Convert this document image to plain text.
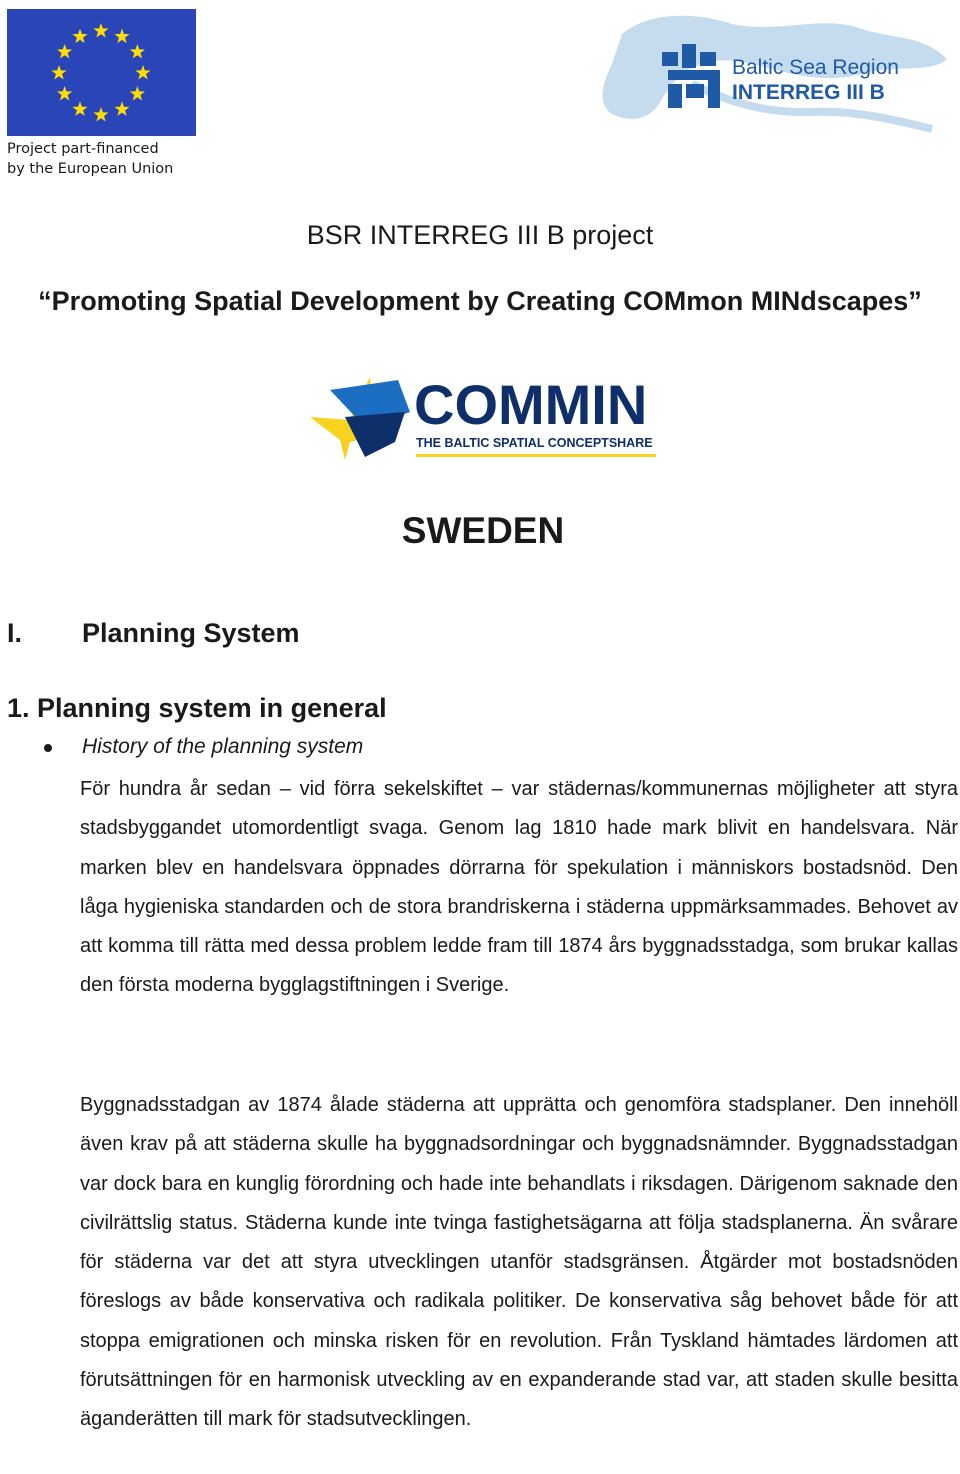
Project part-financed
by the European Union
Baltic Sea Region
INTERREG III B
BSR INTERREG III B project
“Promoting Spatial Development by Creating COMmon MINdscapes”
COMMIN
THE BALTIC SPATIAL CONCEPTSHARE
SWEDEN
I. Planning System
1. Planning system in general
History of the planning system
För hundra år sedan – vid förra sekelskiftet – var städernas/kommunernas möjligheter att styra stadsbyggandet utomordentligt svaga. Genom lag 1810 hade mark blivit en handelsvara. När marken blev en handelsvara öppnades dörrarna för spekulation i människors bostadsnöd. Den låga hygieniska standarden och de stora brandriskerna i städerna uppmärksammades. Behovet av att komma till rätta med dessa problem ledde fram till 1874 års byggnadsstadga, som brukar kallas den första moderna bygglagstiftningen i Sverige.
Byggnadsstadgan av 1874 ålade städerna att upprätta och genomföra stadsplaner. Den innehöll även krav på att städerna skulle ha byggnadsordningar och byggnadsnämnder. Byggnadsstadgan var dock bara en kunglig förordning och hade inte behandlats i riksdagen. Därigenom saknade den civilrättslig status. Städerna kunde inte tvinga fastighetsägarna att följa stadsplanerna. Än svårare för städerna var det att styra utvecklingen utanför stadsgränsen. Åtgärder mot bostadsnöden föreslogs av både konservativa och radikala politiker. De konservativa såg behovet både för att stoppa emigrationen och minska risken för en revolution. Från Tyskland hämtades lärdomen att förutsättningen för en harmonisk utveckling av en expanderande stad var, att staden skulle besitta äganderätten till mark för stadsutvecklingen.
